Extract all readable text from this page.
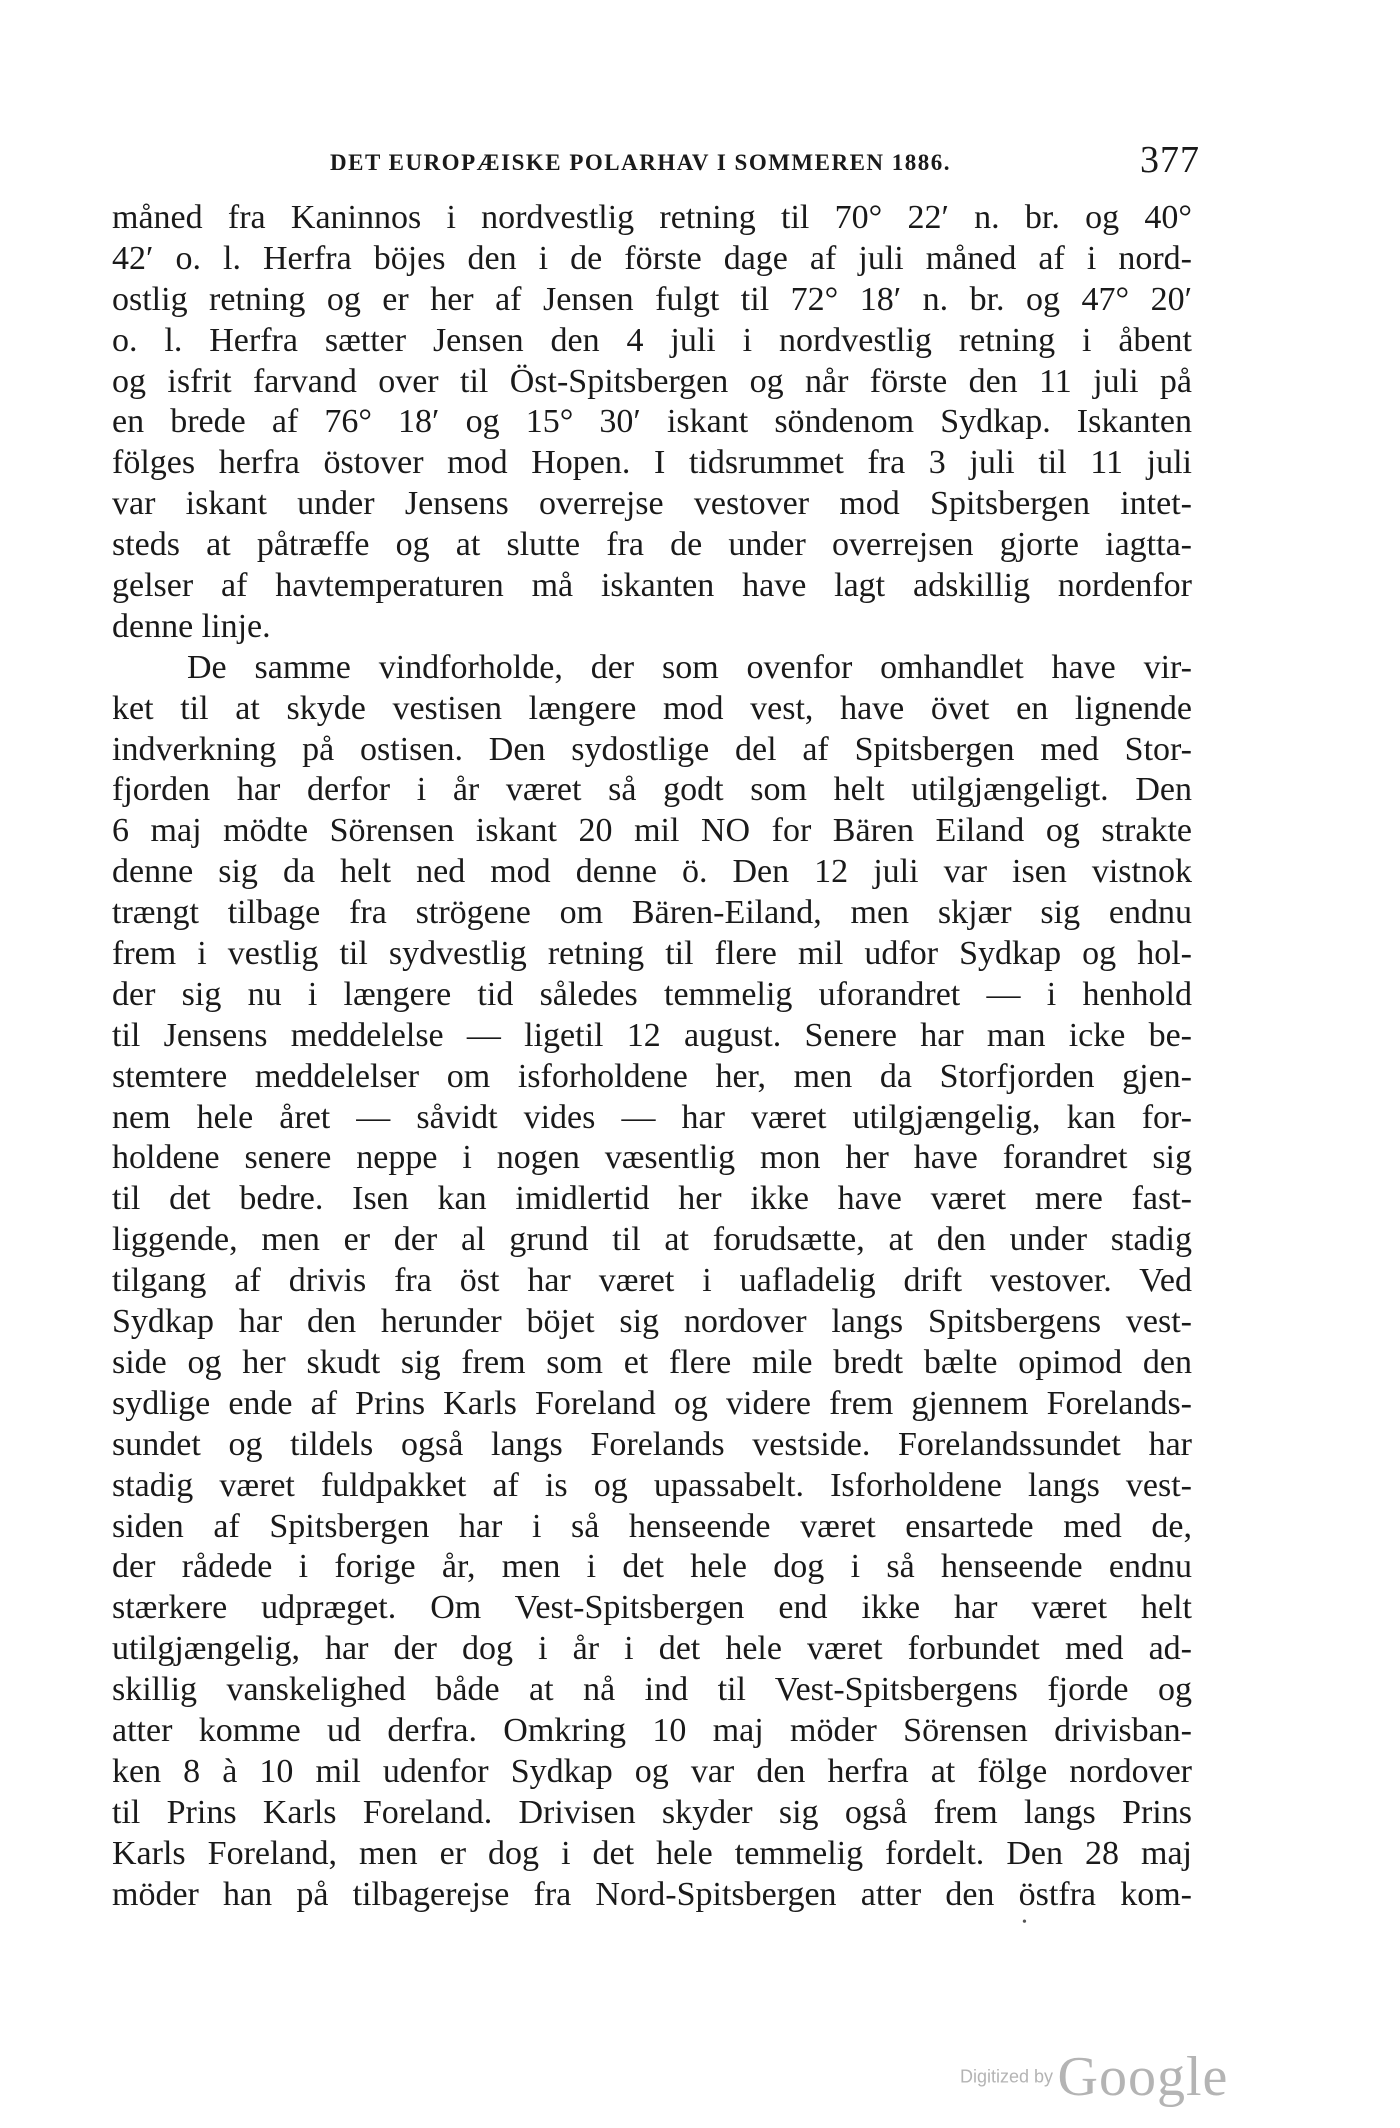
DET EUROPÆISKE POLARHAV I SOMMEREN 1886.	377
måned fra Kaninnos i nordvestlig retning til 70° 22′ n. br. og 40°
42′ o. l. Herfra böjes den i de förste dage af juli måned af i nord-
ostlig retning og er her af Jensen fulgt til 72° 18′ n. br. og 47° 20′
o. l. Herfra sætter Jensen den 4 juli i nordvestlig retning i åbent
og isfrit farvand over til Öst-Spitsbergen og når förste den 11 juli på
en brede af 76° 18′ og 15° 30′ iskant söndenom Sydkap. Iskanten
fölges herfra östover mod Hopen. I tidsrummet fra 3 juli til 11 juli
var iskant under Jensens overrejse vestover mod Spitsbergen intet-
steds at påtræffe og at slutte fra de under overrejsen gjorte iagtta-
gelser af havtemperaturen må iskanten have lagt adskillig nordenfor
denne linje.
De samme vindforholde, der som ovenfor omhandlet have vir-
ket til at skyde vestisen længere mod vest, have övet en lignende
indverkning på ostisen. Den sydostlige del af Spitsbergen med Stor-
fjorden har derfor i år været så godt som helt utilgjængeligt. Den
6 maj mödte Sörensen iskant 20 mil NO for Bären Eiland og strakte
denne sig da helt ned mod denne ö. Den 12 juli var isen vistnok
trængt tilbage fra strögene om Bären-Eiland, men skjær sig endnu
frem i vestlig til sydvestlig retning til flere mil udfor Sydkap og hol-
der sig nu i længere tid således temmelig uforandret — i henhold
til Jensens meddelelse — ligetil 12 august. Senere har man icke be-
stemtere meddelelser om isforholdene her, men da Storfjorden gjen-
nem hele året — såvidt vides — har været utilgjængelig, kan for-
holdene senere neppe i nogen væsentlig mon her have forandret sig
til det bedre. Isen kan imidlertid her ikke have været mere fast-
liggende, men er der al grund til at forudsætte, at den under stadig
tilgang af drivis fra öst har været i uafladelig drift vestover. Ved
Sydkap har den herunder böjet sig nordover langs Spitsbergens vest-
side og her skudt sig frem som et flere mile bredt bælte opimod den
sydlige ende af Prins Karls Foreland og videre frem gjennem Forelands-
sundet og tildels også langs Forelands vestside. Forelandssundet har
stadig været fuldpakket af is og upassabelt. Isforholdene langs vest-
siden af Spitsbergen har i så henseende været ensartede med de,
der rådede i forige år, men i det hele dog i så henseende endnu
stærkere udpræget. Om Vest-Spitsbergen end ikke har været helt
utilgjængelig, har der dog i år i det hele været forbundet med ad-
skillig vanskelighed både at nå ind til Vest-Spitsbergens fjorde og
atter komme ud derfra. Omkring 10 maj möder Sörensen drivisban-
ken 8 à 10 mil udenfor Sydkap og var den herfra at fölge nordover
til Prins Karls Foreland. Drivisen skyder sig også frem langs Prins
Karls Foreland, men er dog i det hele temmelig fordelt. Den 28 maj
möder han på tilbagerejse fra Nord-Spitsbergen atter den östfra kom-
•
Digitized by Google
